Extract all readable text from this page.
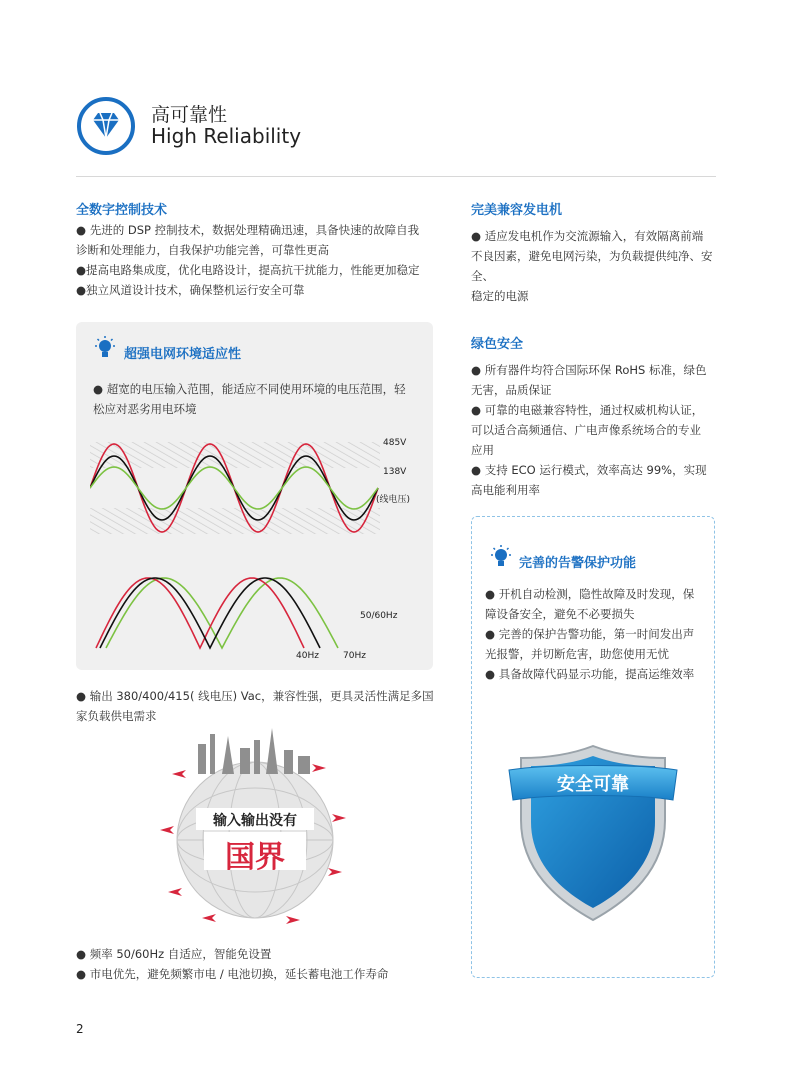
高可靠性
High Reliability
全数字控制技术

● 先进的 DSP 控制技术，数据处理精确迅速，具备快速的故障自我

诊断和处理能力，自我保护功能完善，可靠性更高

●提高电路集成度，优化电路设计，提高抗干扰能力，性能更加稳定

●独立风道设计技术，确保整机运行安全可靠

超强电网环境适应性

● 超宽的电压输入范围，能适应不同使用环境的电压范围，轻

松应对恶劣用电环境

485V
138V
(线电压)
50/60Hz
40Hz	70Hz

● 输出 380/400/415( 线电压) Vac，兼容性强，更具灵活性满足多国

家负载供电需求

输入输出没有
国界

● 频率 50/60Hz 自适应，智能免设置

● 市电优先，避免频繁市电 / 电池切换，延长蓄电池工作寿命

完美兼容发电机

● 适应发电机作为交流源输入，有效隔离前端

不良因素，避免电网污染，为负载提供纯净、安全、

稳定的电源

绿色安全

● 所有器件均符合国际环保 RoHS 标准，绿色

无害，品质保证

● 可靠的电磁兼容特性，通过权威机构认证，

可以适合高频通信、广电声像系统场合的专业

应用

● 支持 ECO 运行模式，效率高达 99%，实现

高电能利用率

完善的告警保护功能

● 开机自动检测，隐性故障及时发现，保

障设备安全，避免不必要损失

● 完善的保护告警功能，第一时间发出声

光报警，并切断危害，助您使用无忧

● 具备故障代码显示功能，提高运维效率

安全可靠
2
